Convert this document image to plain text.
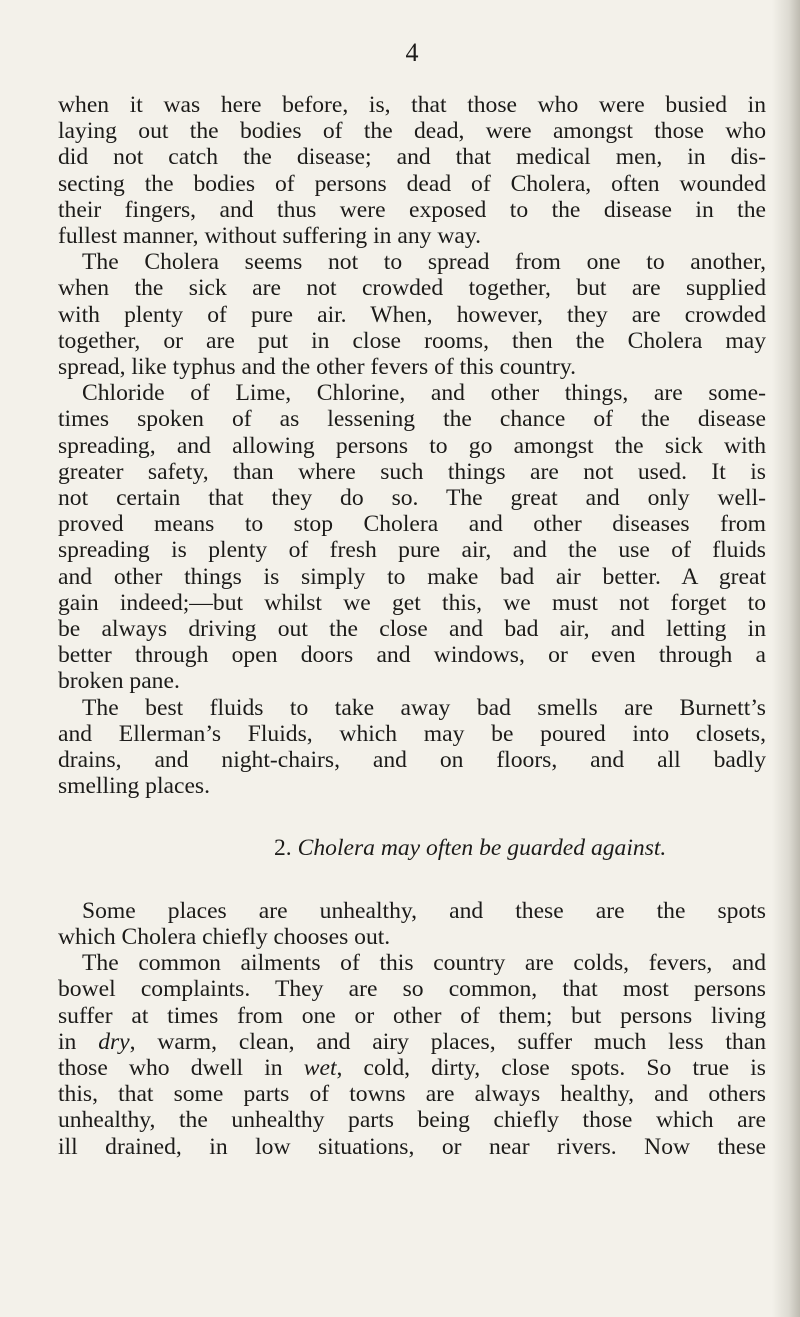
4

when it was here before, is, that those who were busied in
laying out the bodies of the dead, were amongst those who
did not catch the disease; and that medical men, in dis-
secting the bodies of persons dead of Cholera, often wounded
their fingers, and thus were exposed to the disease in the
fullest manner, without suffering in any way.

The Cholera seems not to spread from one to another,
when the sick are not crowded together, but are supplied
with plenty of pure air. When, however, they are crowded
together, or are put in close rooms, then the Cholera may
spread, like typhus and the other fevers of this country.

Chloride of Lime, Chlorine, and other things, are some-
times spoken of as lessening the chance of the disease
spreading, and allowing persons to go amongst the sick with
greater safety, than where such things are not used. It is
not certain that they do so. The great and only well-
proved means to stop Cholera and other diseases from
spreading is plenty of fresh pure air, and the use of fluids
and other things is simply to make bad air better. A great
gain indeed;—but whilst we get this, we must not forget to
be always driving out the close and bad air, and letting in
better through open doors and windows, or even through a
broken pane.

The best fluids to take away bad smells are Burnett’s
and Ellerman’s Fluids, which may be poured into closets,
drains, and night-chairs, and on floors, and all badly
smelling places.

2. Cholera may often be guarded against.

Some places are unhealthy, and these are the spots
which Cholera chiefly chooses out.

The common ailments of this country are colds, fevers, and
bowel complaints. They are so common, that most persons
suffer at times from one or other of them; but persons living
in dry, warm, clean, and airy places, suffer much less than
those who dwell in wet, cold, dirty, close spots. So true is
this, that some parts of towns are always healthy, and others
unhealthy, the unhealthy parts being chiefly those which are
ill drained, in low situations, or near rivers. Now these
